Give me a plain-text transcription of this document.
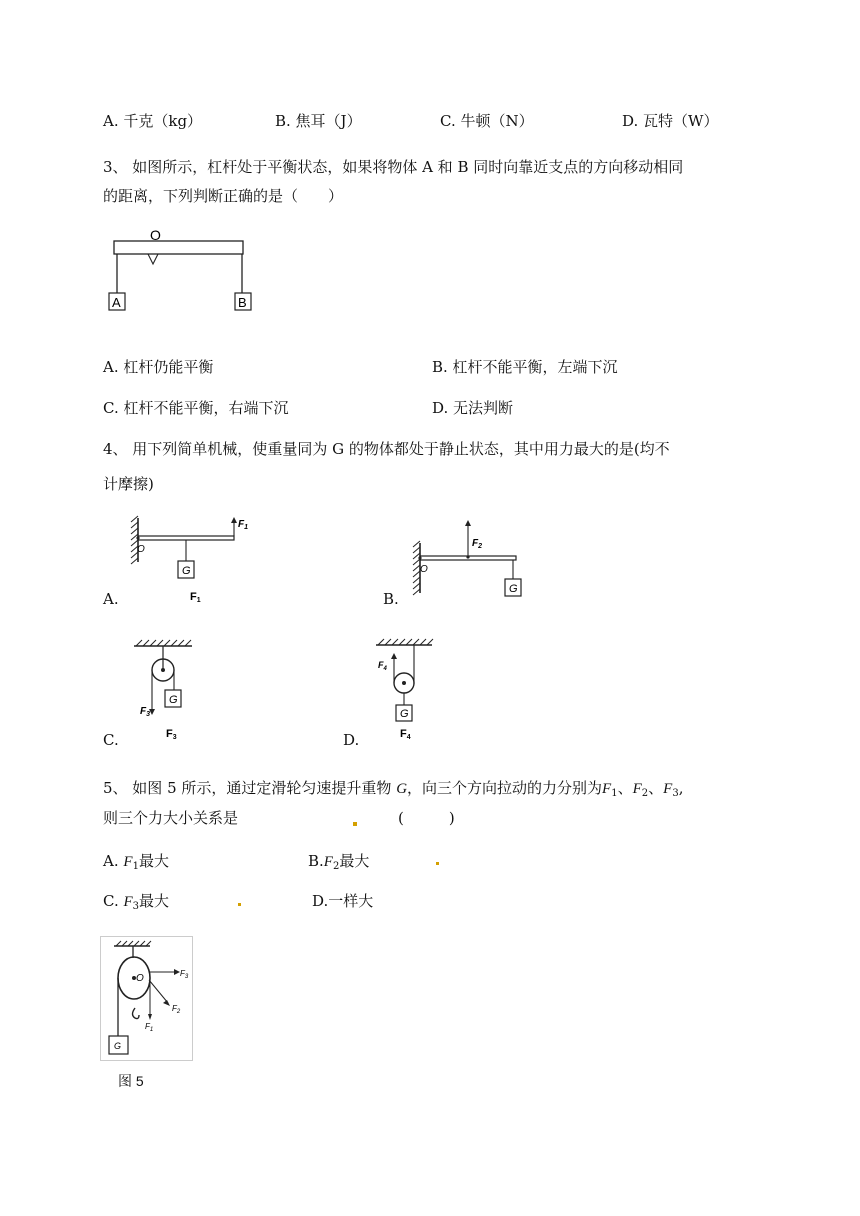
A. 千克（kg）	B. 焦耳（J）	C. 牛顿（N）	D. 瓦特（W）
3、 如图所示，杠杆处于平衡状态，如果将物体 A 和 B 同时向靠近支点的方向移动相同
的距离，下列判断正确的是（　　）
O
A	B
A. 杠杆仍能平衡	B. 杠杆不能平衡，左端下沉
C. 杠杆不能平衡，右端下沉	D. 无法判断
4、 用下列简单机械，使重量同为 G 的物体都处于静止状态，其中用力最大的是(均不
计摩擦)
A.
O
G
$F_1$
F1	B.
O
$F_2$
G
C.
$F_3$
G
F3	D.
$F_4$
G
F4
5、 如图 5 所示，通过定滑轮匀速提升重物 G，向三个方向拉动的力分别为$F_1$、$F_2$、$F_3$,
则三个力大小关系是	(　　　)
A. $F_1$最大	$B.F_2$最大
C. $F_3$最大	D.一样大
O
G
$F_1$
$F_2$
$F_3$
图 5
